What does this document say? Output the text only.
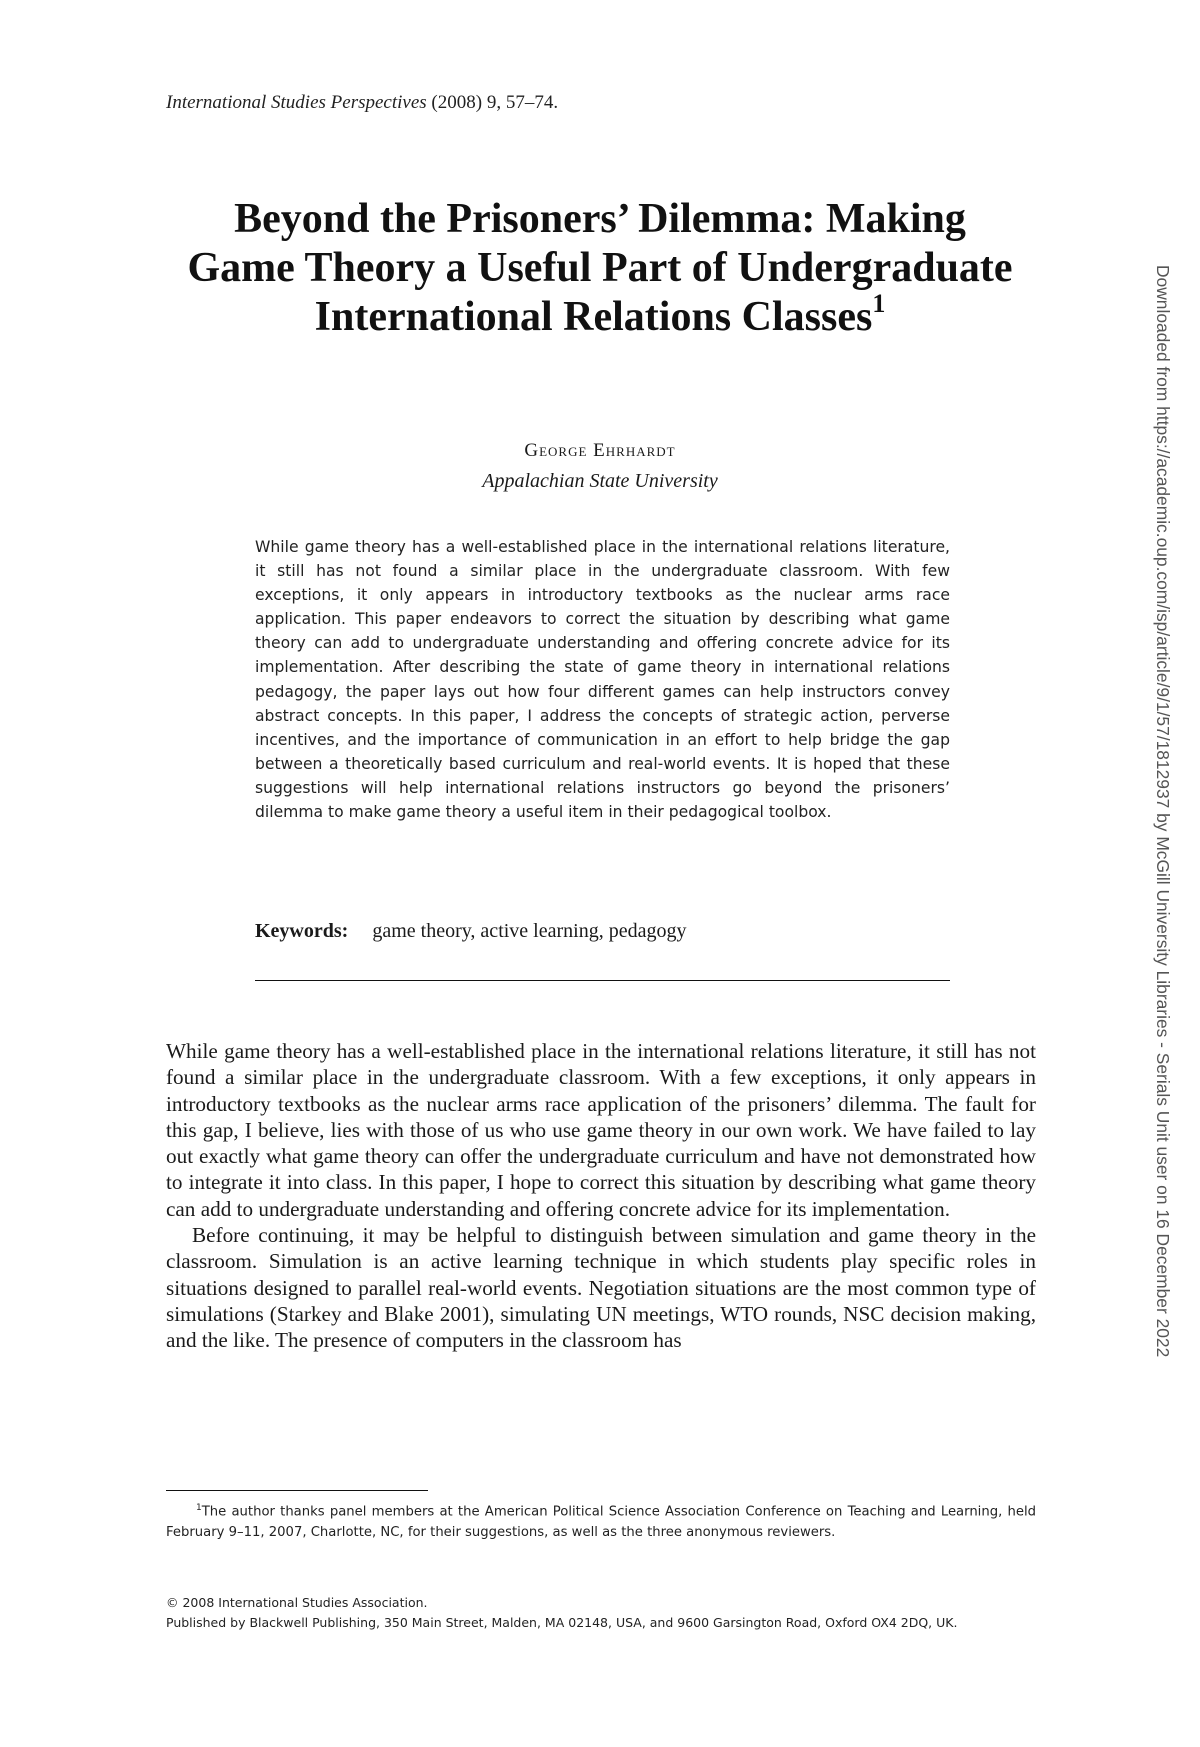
International Studies Perspectives (2008) 9, 57–74.
Beyond the Prisoners’ Dilemma: Making Game Theory a Useful Part of Undergraduate International Relations Classes$^1$
George Ehrhardt
Appalachian State University

While game theory has a well-established place in the international relations literature, it still has not found a similar place in the undergraduate classroom. With few exceptions, it only appears in introductory textbooks as the nuclear arms race application. This paper endeavors to correct the situation by describing what game theory can add to undergraduate understanding and offering concrete advice for its implementation. After describing the state of game theory in international relations pedagogy, the paper lays out how four different games can help instructors convey abstract concepts. In this paper, I address the concepts of strategic action, perverse incentives, and the importance of communication in an effort to help bridge the gap between a theoretically based curriculum and real-world events. It is hoped that these suggestions will help international relations instructors go beyond the prisoners’ dilemma to make game theory a useful item in their pedagogical toolbox.

Keywords: game theory, active learning, pedagogy

While game theory has a well-established place in the international relations literature, it still has not found a similar place in the undergraduate classroom. With a few exceptions, it only appears in introductory textbooks as the nuclear arms race application of the prisoners’ dilemma. The fault for this gap, I believe, lies with those of us who use game theory in our own work. We have failed to lay out exactly what game theory can offer the undergraduate curriculum and have not demonstrated how to integrate it into class. In this paper, I hope to correct this situation by describing what game theory can add to undergraduate understanding and offering concrete advice for its implementation.

Before continuing, it may be helpful to distinguish between simulation and game theory in the classroom. Simulation is an active learning technique in which students play specific roles in situations designed to parallel real-world events. Negotiation situations are the most common type of simulations (Starkey and Blake 2001), simulating UN meetings, WTO rounds, NSC decision making, and the like. The presence of computers in the classroom has

$^1$The author thanks panel members at the American Political Science Association Conference on Teaching and Learning, held February 9–11, 2007, Charlotte, NC, for their suggestions, as well as the three anonymous reviewers.

© 2008 International Studies Association.
Published by Blackwell Publishing, 350 Main Street, Malden, MA 02148, USA, and 9600 Garsington Road, Oxford OX4 2DQ, UK.
Downloaded from https://academic.oup.com/isp/article/9/1/57/1812937 by McGill University Libraries - Serials Unit user on 16 December 2022
